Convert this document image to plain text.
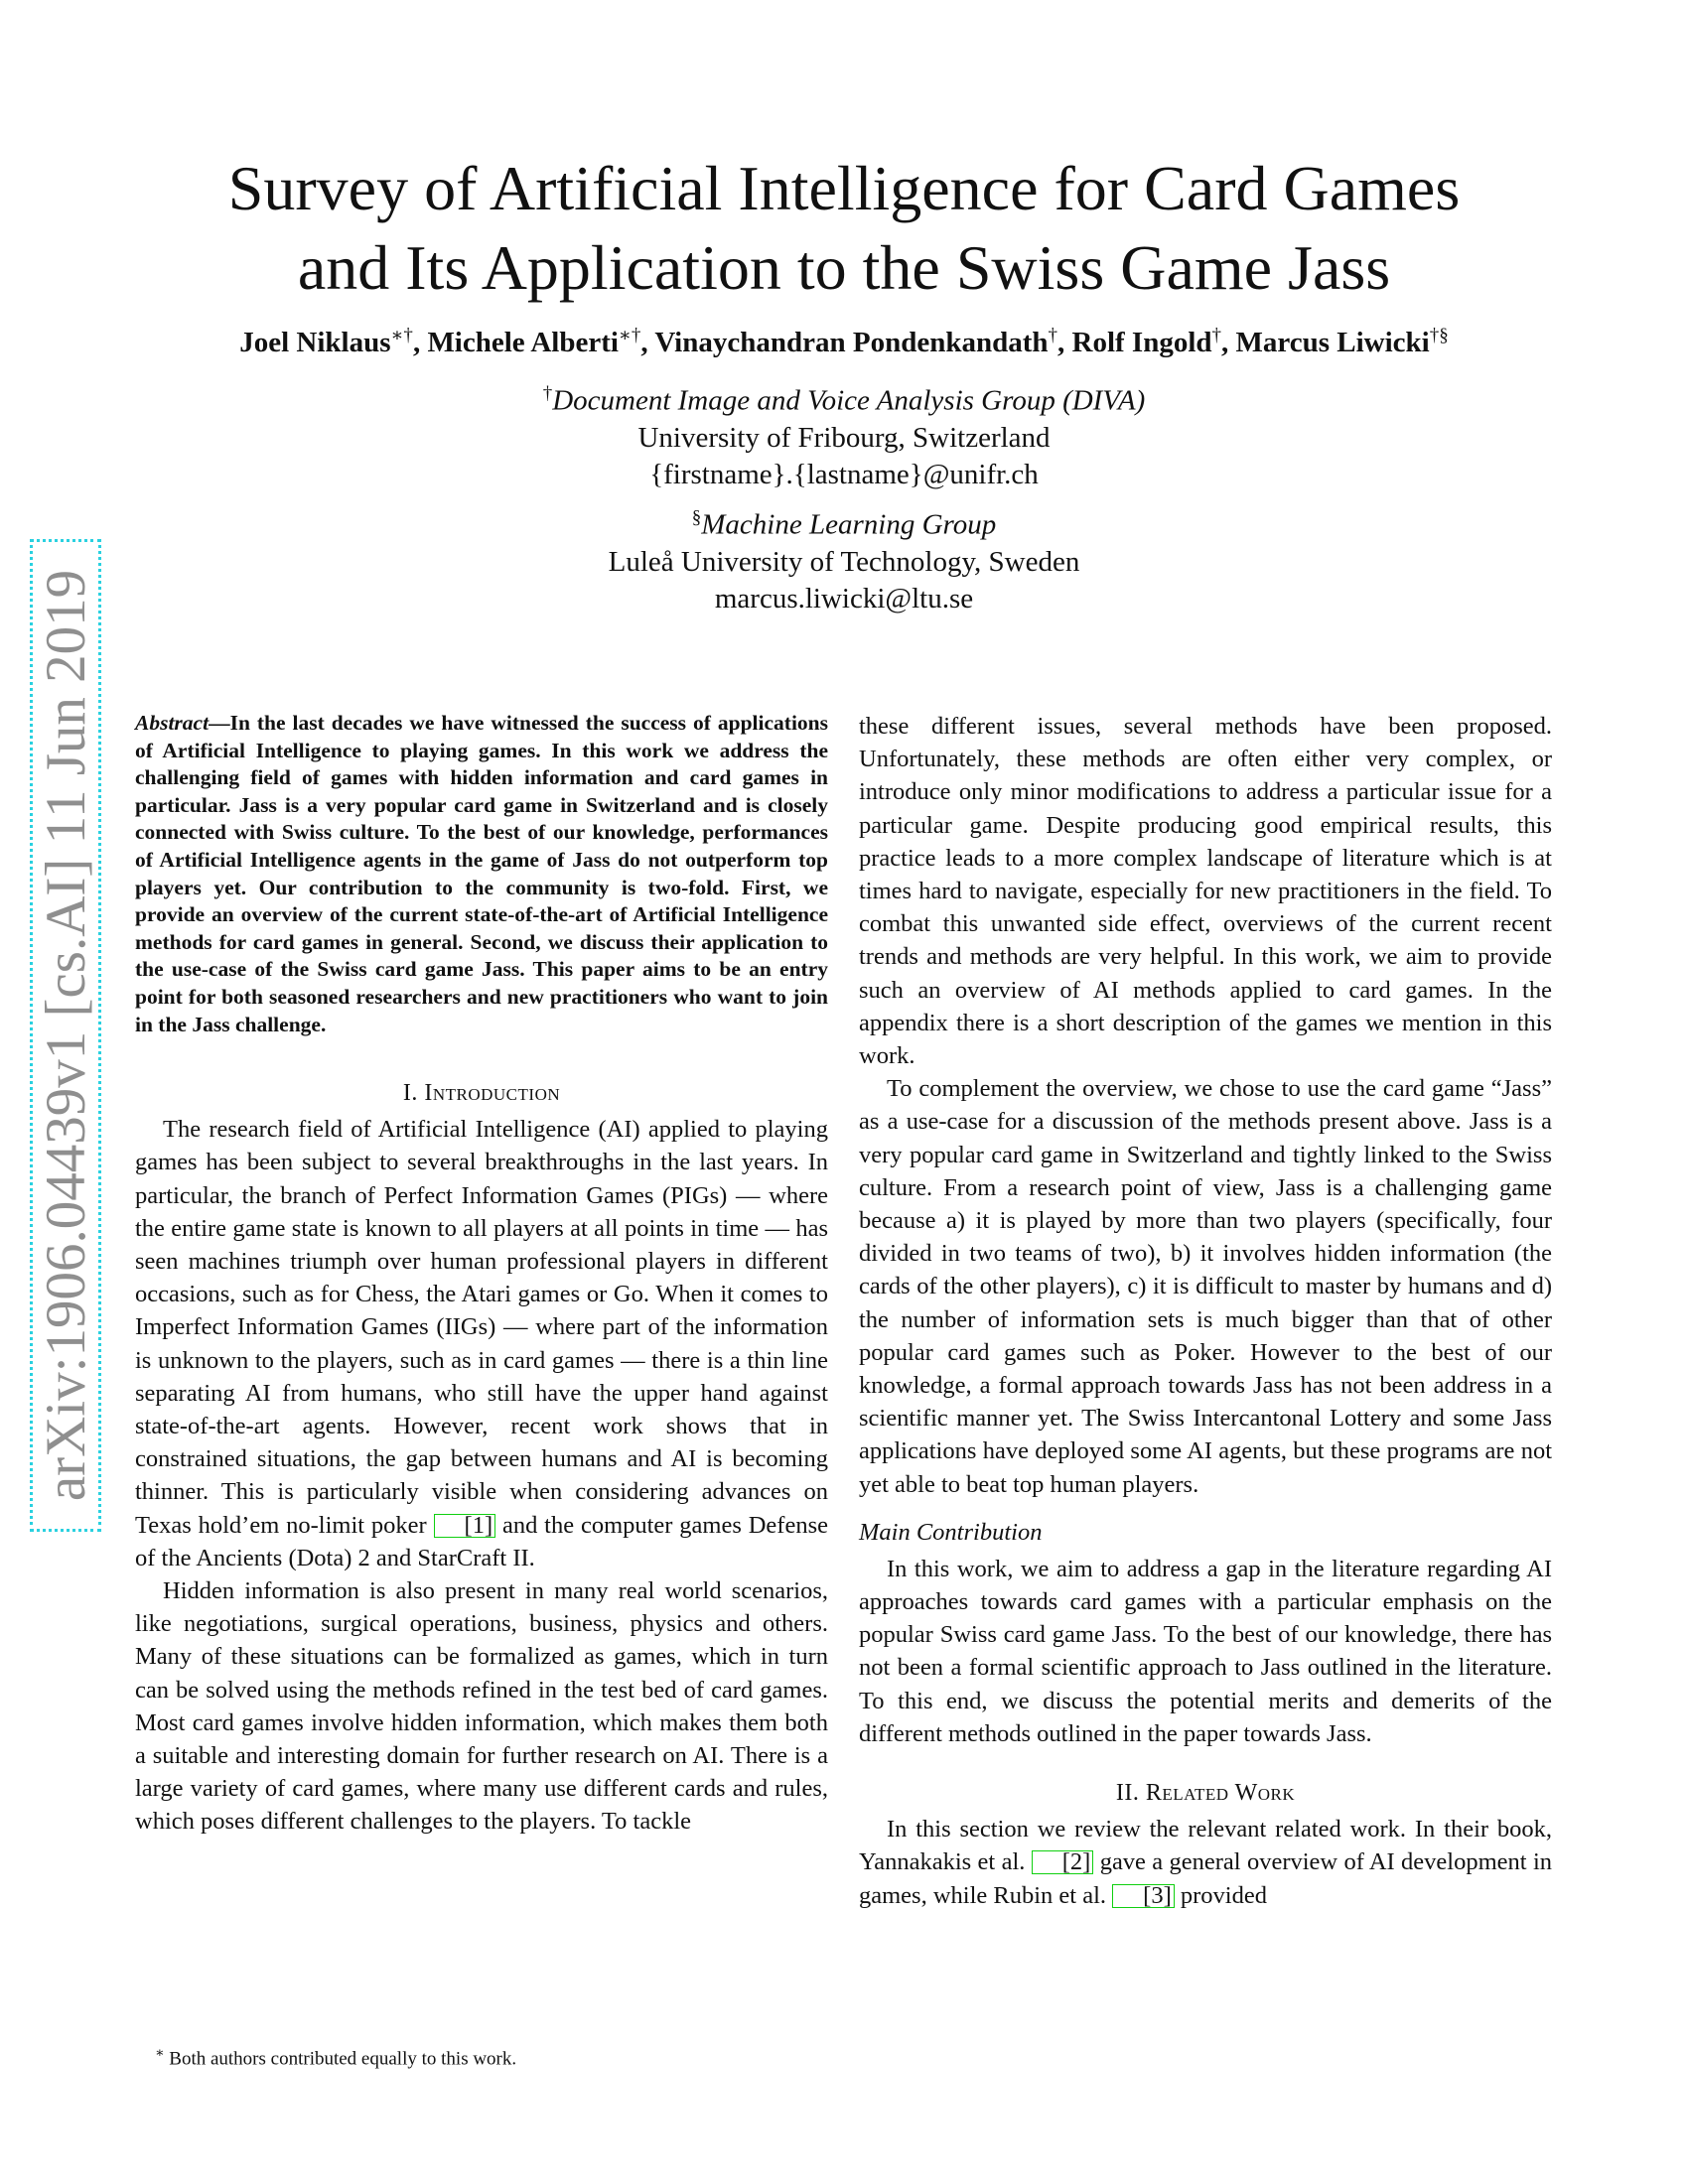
Survey of Artificial Intelligence for Card Games
and Its Application to the Swiss Game Jass
Joel Niklaus∗†, Michele Alberti∗†, Vinaychandran Pondenkandath†, Rolf Ingold†, Marcus Liwicki†§
†Document Image and Voice Analysis Group (DIVA)
University of Fribourg, Switzerland
{firstname}.{lastname}@unifr.ch
§Machine Learning Group
Luleå University of Technology, Sweden
marcus.liwicki@ltu.se
arXiv:1906.04439v1 [cs.AI] 11 Jun 2019 Abstract—In the last decades we have witnessed the success of applications of Artificial Intelligence to playing games. In this work we address the challenging field of games with hidden information and card games in particular. Jass is a very popular card game in Switzerland and is closely connected with Swiss culture. To the best of our knowledge, performances of Artificial Intelligence agents in the game of Jass do not outperform top players yet. Our contribution to the community is two-fold. First, we provide an overview of the current state-of-the-art of Artificial Intelligence methods for card games in general. Second, we discuss their application to the use-case of the Swiss card game Jass. This paper aims to be an entry point for both seasoned researchers and new practitioners who want to join in the Jass challenge.

I. Introduction

The research field of Artificial Intelligence (AI) applied to playing games has been subject to several breakthroughs in the last years. In particular, the branch of Perfect Information Games (PIGs) — where the entire game state is known to all players at all points in time — has seen machines triumph over human professional players in different occasions, such as for Chess, the Atari games or Go. When it comes to Imperfect Information Games (IIGs) — where part of the information is unknown to the players, such as in card games — there is a thin line separating AI from humans, who still have the upper hand against state-of-the-art agents. However, recent work shows that in constrained situations, the gap between humans and AI is becoming thinner. This is particularly visible when considering advances on Texas hold’em no-limit poker [1] and the computer games Defense of the Ancients (Dota) 2 and StarCraft II.

Hidden information is also present in many real world scenarios, like negotiations, surgical operations, business, physics and others. Many of these situations can be formalized as games, which in turn can be solved using the methods refined in the test bed of card games. Most card games involve hidden information, which makes them both a suitable and interesting domain for further research on AI. There is a large variety of card games, where many use different cards and rules, which poses different challenges to the players. To tackle

∗ Both authors contributed equally to this work.

these different issues, several methods have been proposed. Unfortunately, these methods are often either very complex, or introduce only minor modifications to address a particular issue for a particular game. Despite producing good empirical results, this practice leads to a more complex landscape of literature which is at times hard to navigate, especially for new practitioners in the field. To combat this unwanted side effect, overviews of the current recent trends and methods are very helpful. In this work, we aim to provide such an overview of AI methods applied to card games. In the appendix there is a short description of the games we mention in this work.

To complement the overview, we chose to use the card game “Jass” as a use-case for a discussion of the methods present above. Jass is a very popular card game in Switzerland and tightly linked to the Swiss culture. From a research point of view, Jass is a challenging game because a) it is played by more than two players (specifically, four divided in two teams of two), b) it involves hidden information (the cards of the other players), c) it is difficult to master by humans and d) the number of information sets is much bigger than that of other popular card games such as Poker. However to the best of our knowledge, a formal approach towards Jass has not been address in a scientific manner yet. The Swiss Intercantonal Lottery and some Jass applications have deployed some AI agents, but these programs are not yet able to beat top human players.

Main Contribution

In this work, we aim to address a gap in the literature regarding AI approaches towards card games with a particular emphasis on the popular Swiss card game Jass. To the best of our knowledge, there has not been a formal scientific approach to Jass outlined in the literature. To this end, we discuss the potential merits and demerits of the different methods outlined in the paper towards Jass.

II. Related Work

In this section we review the relevant related work. In their book, Yannakakis et al. [2] gave a general overview of AI development in games, while Rubin et al. [3] provided
